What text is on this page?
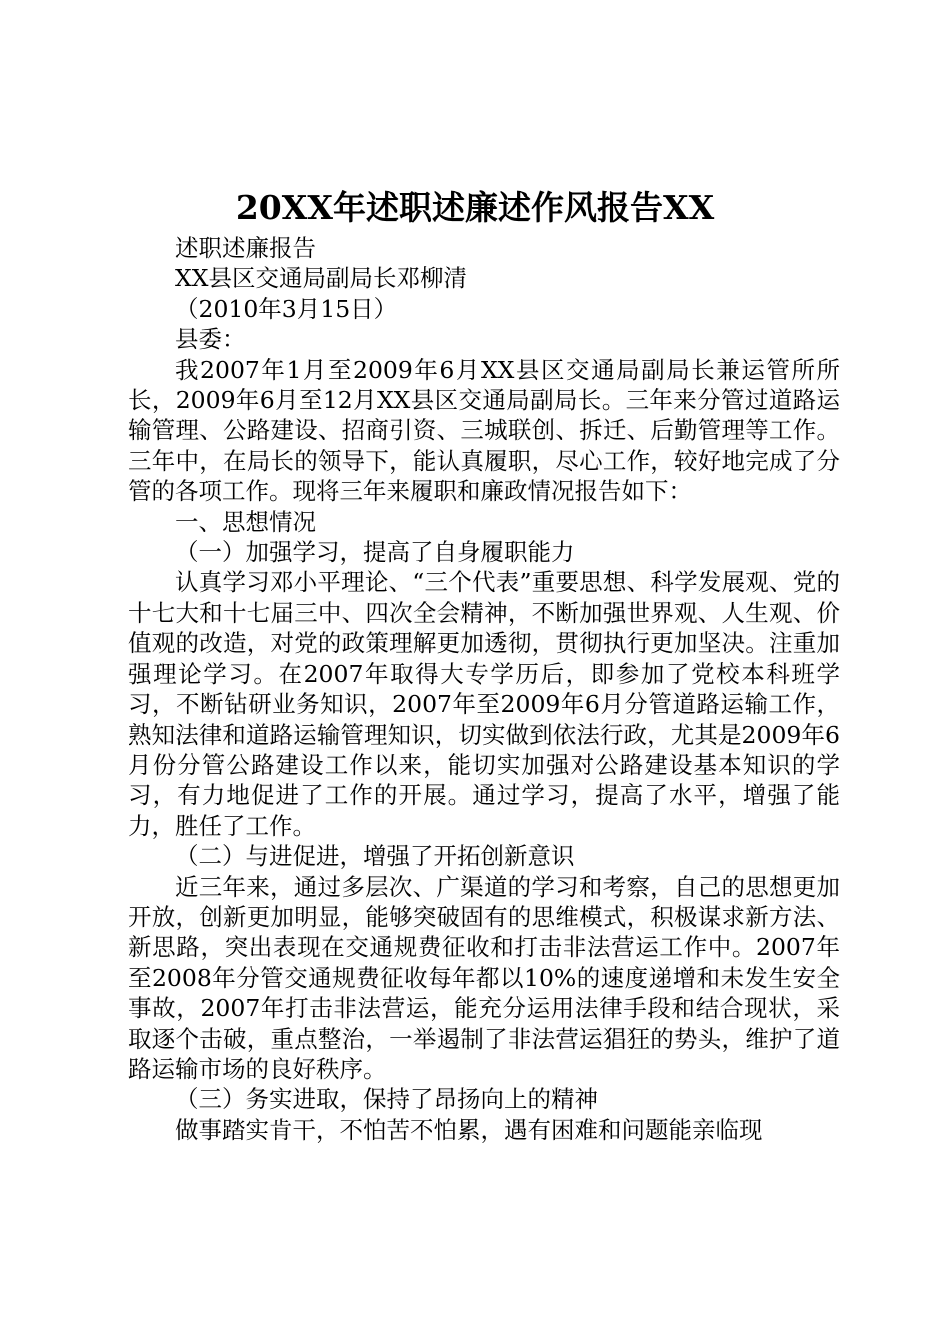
20XX年述职述廉述作风报告XX

述职述廉报告

XX县区交通局副局长邓柳清

（2010年3月15日）

县委：

我2007年1月至2009年6月XX县区交通局副局长兼运管所所长，2009年6月至12月XX县区交通局副局长。三年来分管过道路运输管理、公路建设、招商引资、三城联创、拆迁、后勤管理等工作。三年中，在局长的领导下，能认真履职，尽心工作，较好地完成了分管的各项工作。现将三年来履职和廉政情况报告如下：

一、思想情况

（一）加强学习，提高了自身履职能力

认真学习邓小平理论、“三个代表”重要思想、科学发展观、党的十七大和十七届三中、四次全会精神，不断加强世界观、人生观、价值观的改造，对党的政策理解更加透彻，贯彻执行更加坚决。注重加强理论学习。在2007年取得大专学历后，即参加了党校本科班学习，不断钻研业务知识，2007年至2009年6月分管道路运输工作，熟知法律和道路运输管理知识，切实做到依法行政，尤其是2009年6月份分管公路建设工作以来，能切实加强对公路建设基本知识的学习，有力地促进了工作的开展。通过学习，提高了水平，增强了能力，胜任了工作。

（二）与进促进，增强了开拓创新意识

近三年来，通过多层次、广渠道的学习和考察，自己的思想更加开放，创新更加明显，能够突破固有的思维模式，积极谋求新方法、新思路，突出表现在交通规费征收和打击非法营运工作中。2007年至2008年分管交通规费征收每年都以10%的速度递增和未发生安全事故，2007年打击非法营运，能充分运用法律手段和结合现状，采取逐个击破，重点整治，一举遏制了非法营运猖狂的势头，维护了道路运输市场的良好秩序。

（三）务实进取，保持了昂扬向上的精神

做事踏实肯干，不怕苦不怕累，遇有困难和问题能亲临现
